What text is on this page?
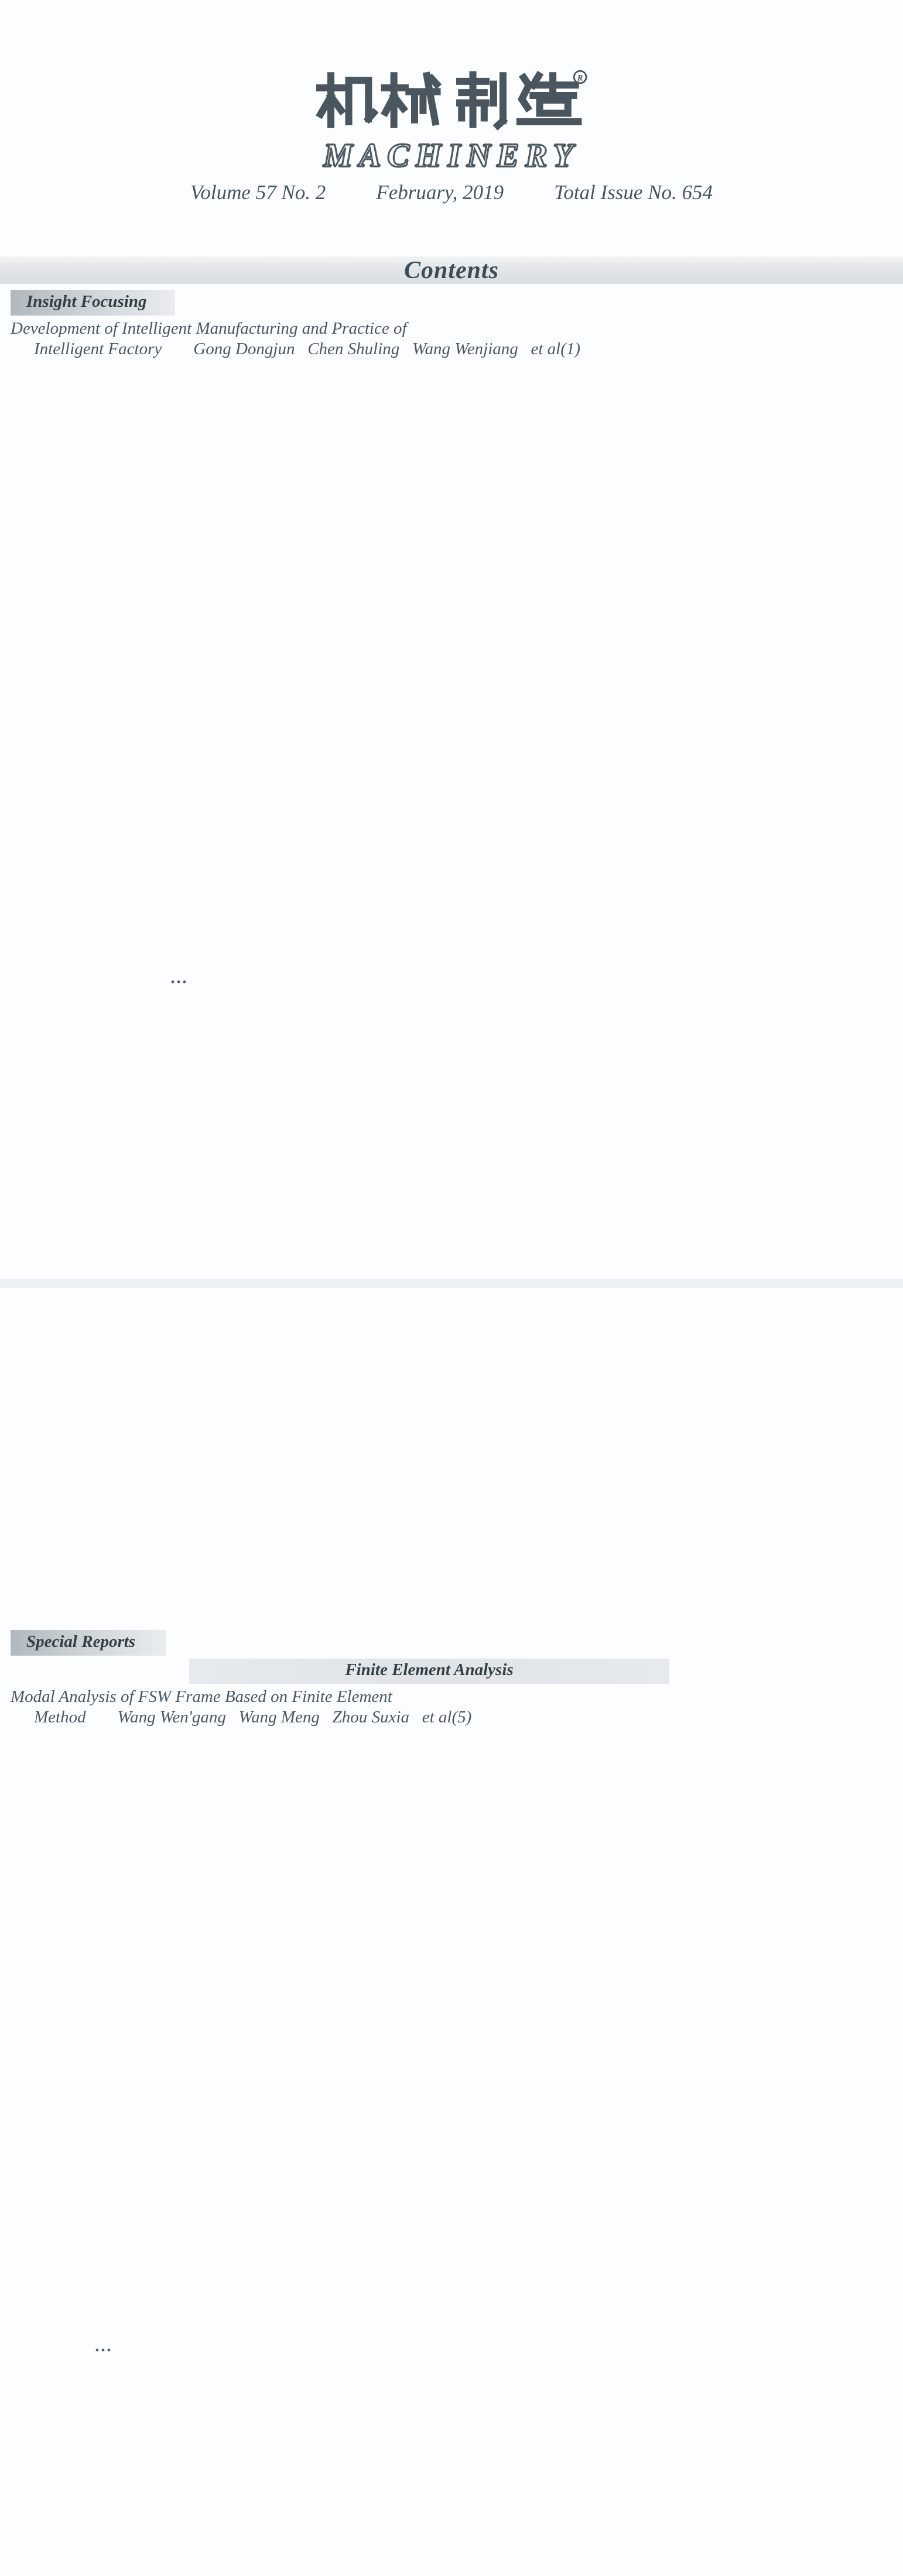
R
MACHINERY
Volume 57 No. 2 February, 2019 Total Issue No. 654
Contents
Insight Focusing
Development of Intelligent Manufacturing and Practice of
Intelligent Factory Gong Dongjun   Chen Shuling   Wang Wenjiang   et al (1)
Special Reports
Finite Element Analysis
Modal Analysis of FSW Frame Based on Finite Element
Method Wang Wen'gang   Wang Meng   Zhou Suxia   et al (5)
